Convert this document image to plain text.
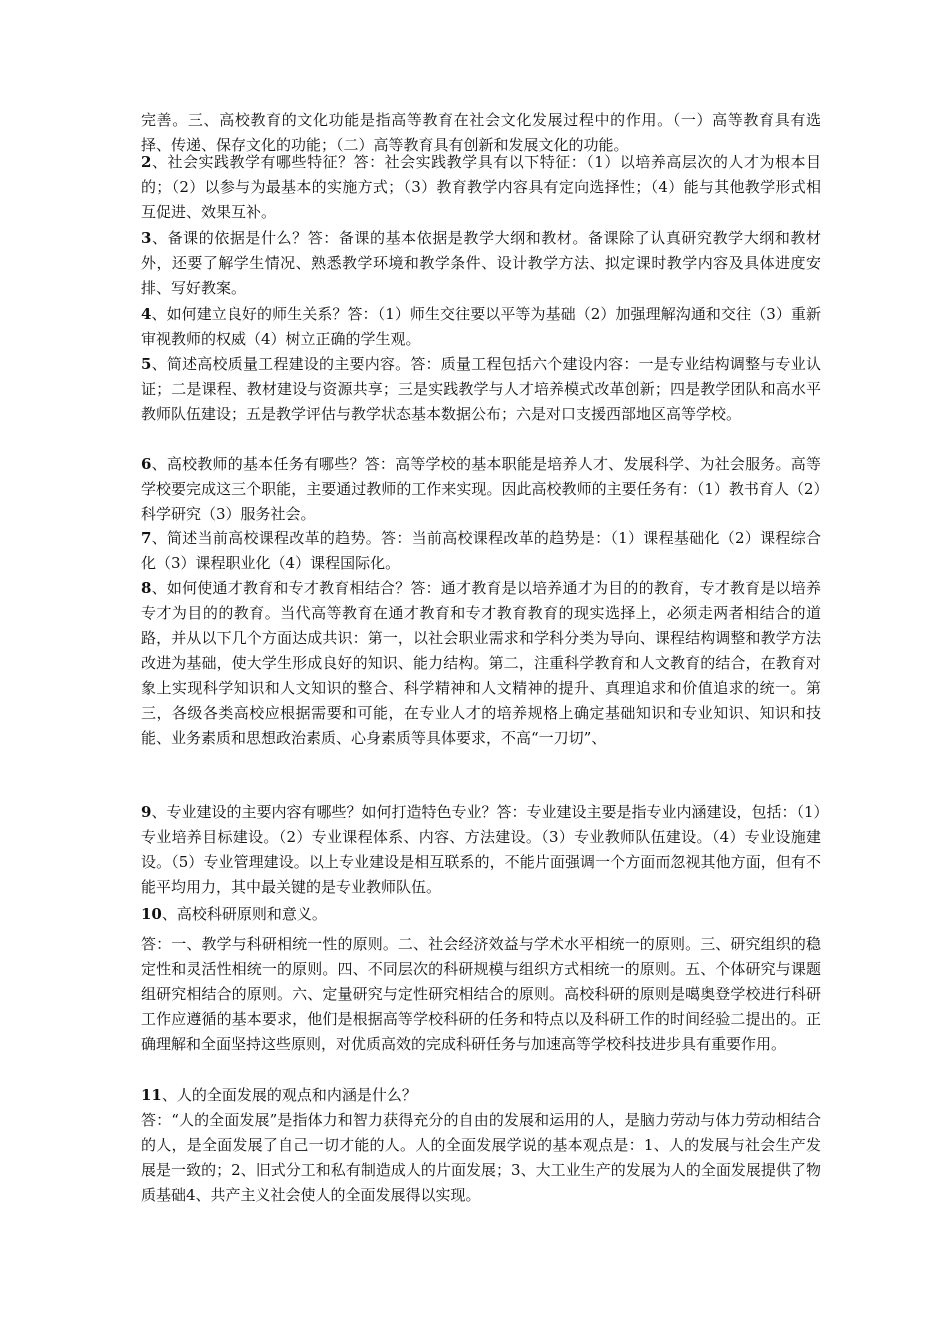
完善。三、高校教育的文化功能是指高等教育在社会文化发展过程中的作用。（一）高等教育具有选择、传递、保存文化的功能；（二）高等教育具有创新和发展文化的功能。

2、社会实践教学有哪些特征？答：社会实践教学具有以下特征：（1）以培养高层次的人才为根本目的；（2）以参与为最基本的实施方式；（3）教育教学内容具有定向选择性；（4）能与其他教学形式相互促进、效果互补。

3、备课的依据是什么？答：备课的基本依据是教学大纲和教材。备课除了认真研究教学大纲和教材外，还要了解学生情况、熟悉教学环境和教学条件、设计教学方法、拟定课时教学内容及具体进度安排、写好教案。

4、如何建立良好的师生关系？答：（1）师生交往要以平等为基础（2）加强理解沟通和交往（3）重新审视教师的权威（4）树立正确的学生观。

5、简述高校质量工程建设的主要内容。答：质量工程包括六个建设内容：一是专业结构调整与专业认证；二是课程、教材建设与资源共享；三是实践教学与人才培养模式改革创新；四是教学团队和高水平教师队伍建设；五是教学评估与教学状态基本数据公布；六是对口支援西部地区高等学校。

6、高校教师的基本任务有哪些？答：高等学校的基本职能是培养人才、发展科学、为社会服务。高等学校要完成这三个职能，主要通过教师的工作来实现。因此高校教师的主要任务有：（1）教书育人（2）科学研究（3）服务社会。

7、简述当前高校课程改革的趋势。答：当前高校课程改革的趋势是：（1）课程基础化（2）课程综合化（3）课程职业化（4）课程国际化。

8、如何使通才教育和专才教育相结合？答：通才教育是以培养通才为目的的教育，专才教育是以培养专才为目的的教育。当代高等教育在通才教育和专才教育教育的现实选择上，必须走两者相结合的道路，并从以下几个方面达成共识：第一，以社会职业需求和学科分类为导向、课程结构调整和教学方法改进为基础，使大学生形成良好的知识、能力结构。第二，注重科学教育和人文教育的结合，在教育对象上实现科学知识和人文知识的整合、科学精神和人文精神的提升、真理追求和价值追求的统一。第三，各级各类高校应根据需要和可能，在专业人才的培养规格上确定基础知识和专业知识、知识和技能、业务素质和思想政治素质、心身素质等具体要求，不高“一刀切”、

9、专业建设的主要内容有哪些？如何打造特色专业？答：专业建设主要是指专业内涵建设，包括：（1）专业培养目标建设。（2）专业课程体系、内容、方法建设。（3）专业教师队伍建设。（4）专业设施建设。（5）专业管理建设。以上专业建设是相互联系的，不能片面强调一个方面而忽视其他方面，但有不能平均用力，其中最关键的是专业教师队伍。

10、高校科研原则和意义。

答：一、教学与科研相统一性的原则。二、社会经济效益与学术水平相统一的原则。三、研究组织的稳定性和灵活性相统一的原则。四、不同层次的科研规模与组织方式相统一的原则。五、个体研究与课题组研究相结合的原则。六、定量研究与定性研究相结合的原则。高校科研的原则是噶奥登学校进行科研工作应遵循的基本要求，他们是根据高等学校科研的任务和特点以及科研工作的时间经验二提出的。正确理解和全面坚持这些原则，对优质高效的完成科研任务与加速高等学校科技进步具有重要作用。

11、人的全面发展的观点和内涵是什么？

答：“人的全面发展”是指体力和智力获得充分的自由的发展和运用的人，是脑力劳动与体力劳动相结合的人，是全面发展了自己一切才能的人。人的全面发展学说的基本观点是：1、人的发展与社会生产发展是一致的；2、旧式分工和私有制造成人的片面发展；3、大工业生产的发展为人的全面发展提供了物质基础4、共产主义社会使人的全面发展得以实现。
